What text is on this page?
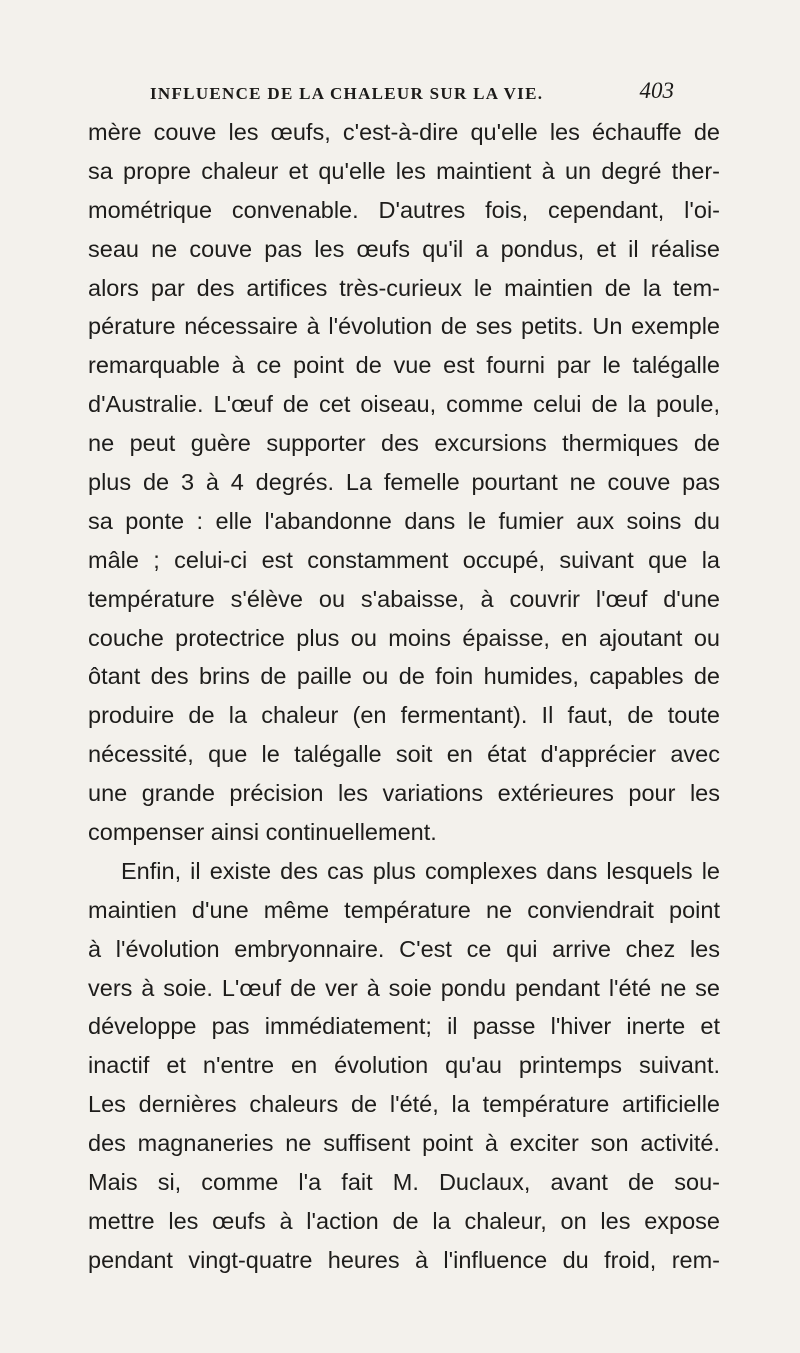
INFLUENCE DE LA CHALEUR SUR LA VIE.	403
mère couve les œufs, c'est-à-dire qu'elle les échauffe de
sa propre chaleur et qu'elle les maintient à un degré ther-
mométrique convenable. D'autres fois, cependant, l'oi-
seau ne couve pas les œufs qu'il a pondus, et il réalise
alors par des artifices très-curieux le maintien de la tem-
pérature nécessaire à l'évolution de ses petits. Un exemple
remarquable à ce point de vue est fourni par le talégalle
d'Australie. L'œuf de cet oiseau, comme celui de la poule,
ne peut guère supporter des excursions thermiques de
plus de 3 à 4 degrés. La femelle pourtant ne couve pas
sa ponte : elle l'abandonne dans le fumier aux soins du
mâle ; celui-ci est constamment occupé, suivant que la
température s'élève ou s'abaisse, à couvrir l'œuf d'une
couche protectrice plus ou moins épaisse, en ajoutant ou
ôtant des brins de paille ou de foin humides, capables de
produire de la chaleur (en fermentant). Il faut, de toute
nécessité, que le talégalle soit en état d'apprécier avec
une grande précision les variations extérieures pour les
compenser ainsi continuellement.
Enfin, il existe des cas plus complexes dans lesquels le
maintien d'une même température ne conviendrait point
à l'évolution embryonnaire. C'est ce qui arrive chez les
vers à soie. L'œuf de ver à soie pondu pendant l'été ne se
développe pas immédiatement; il passe l'hiver inerte et
inactif et n'entre en évolution qu'au printemps suivant.
Les dernières chaleurs de l'été, la température artificielle
des magnaneries ne suffisent point à exciter son activité.
Mais si, comme l'a fait M. Duclaux, avant de sou-
mettre les œufs à l'action de la chaleur, on les expose
pendant vingt-quatre heures à l'influence du froid, rem-
